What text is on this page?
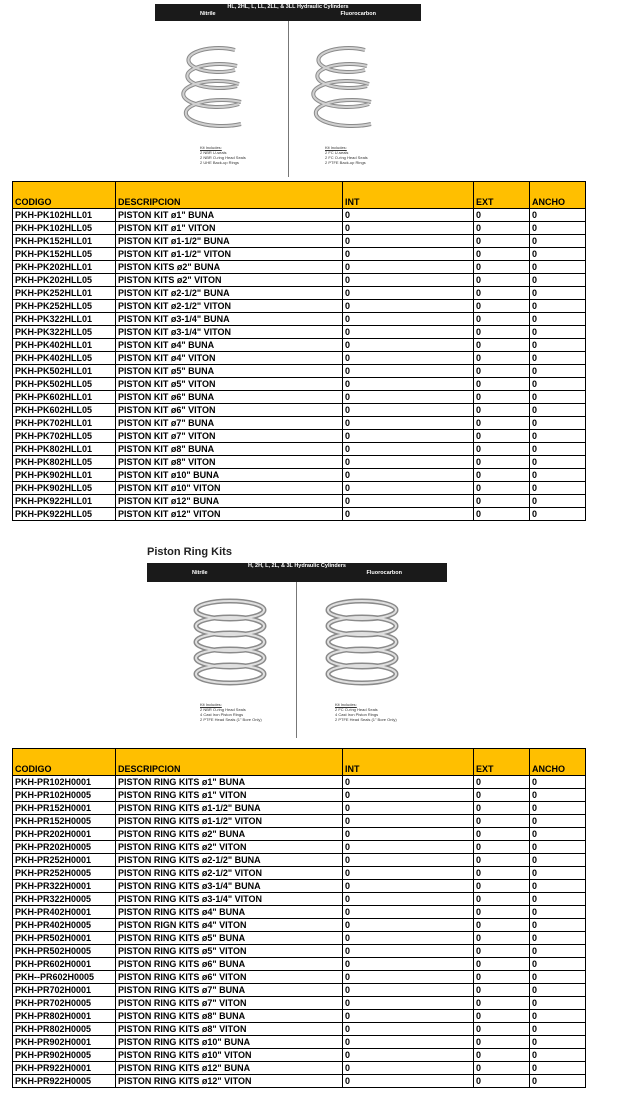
HL, 2HL, L, LL, 2LL, & 3LL Hydraulic Cylinders
Nitrile	Fluorocarbon
Kit Includes:
2 NBR U-seals
2 NBR O-ring Head Seals
2 UHE Back-up Rings
Kit Includes:
2 FC U-seals
2 FC O-ring Head Seals
2 PTFE Back-up Rings
CODIGO	DESCRIPCION	INT	EXT	ANCHO
PKH-PK102HLL01	PISTON KIT ø1" BUNA	0	0	0
PKH-PK102HLL05	PISTON KIT ø1" VITON	0	0	0
PKH-PK152HLL01	PISTON KIT ø1-1/2" BUNA	0	0	0
PKH-PK152HLL05	PISTON KIT ø1-1/2" VITON	0	0	0
PKH-PK202HLL01	PISTON KITS ø2" BUNA	0	0	0
PKH-PK202HLL05	PISTON KITS ø2" VITON	0	0	0
PKH-PK252HLL01	PISTON KIT ø2-1/2" BUNA	0	0	0
PKH-PK252HLL05	PISTON KIT ø2-1/2" VITON	0	0	0
PKH-PK322HLL01	PISTON KIT ø3-1/4" BUNA	0	0	0
PKH-PK322HLL05	PISTON KIT ø3-1/4" VITON	0	0	0
PKH-PK402HLL01	PISTON KIT ø4" BUNA	0	0	0
PKH-PK402HLL05	PISTON KIT ø4" VITON	0	0	0
PKH-PK502HLL01	PISTON KIT ø5" BUNA	0	0	0
PKH-PK502HLL05	PISTON KIT ø5" VITON	0	0	0
PKH-PK602HLL01	PISTON KIT ø6" BUNA	0	0	0
PKH-PK602HLL05	PISTON KIT ø6" VITON	0	0	0
PKH-PK702HLL01	PISTON KIT ø7" BUNA	0	0	0
PKH-PK702HLL05	PISTON KIT ø7" VITON	0	0	0
PKH-PK802HLL01	PISTON KIT ø8" BUNA	0	0	0
PKH-PK802HLL05	PISTON KIT ø8" VITON	0	0	0
PKH-PK902HLL01	PISTON KIT ø10" BUNA	0	0	0
PKH-PK902HLL05	PISTON KIT ø10" VITON	0	0	0
PKH-PK922HLL01	PISTON KIT ø12" BUNA	0	0	0
PKH-PK922HLL05	PISTON KIT ø12" VITON	0	0	0
Piston Ring Kits
H, 2H, L, 2L, & 3L Hydraulic Cylinders
Nitrile	Fluorocarbon
Kit Includes:
2 NBR O-ring Head Seals
4 Cast Iron Piston Rings
2 PTFE Head Seals (1" Bore Only)
Kit Includes:
2 FC O-ring Head Seals
4 Cast Iron Piston Rings
2 PTFE Head Seals (1" Bore Only)
CODIGO	DESCRIPCION	INT	EXT	ANCHO
PKH-PR102H0001	PISTON RING KITS ø1" BUNA	0	0	0
PKH-PR102H0005	PISTON RING KITS ø1" VITON	0	0	0
PKH-PR152H0001	PISTON RING KITS ø1-1/2" BUNA	0	0	0
PKH-PR152H0005	PISTON RING KITS ø1-1/2" VITON	0	0	0
PKH-PR202H0001	PISTON RING KITS ø2" BUNA	0	0	0
PKH-PR202H0005	PISTON RING KITS ø2" VITON	0	0	0
PKH-PR252H0001	PISTON RING KITS ø2-1/2" BUNA	0	0	0
PKH-PR252H0005	PISTON RING KITS ø2-1/2" VITON	0	0	0
PKH-PR322H0001	PISTON RING KITS ø3-1/4" BUNA	0	0	0
PKH-PR322H0005	PISTON RING KITS ø3-1/4" VITON	0	0	0
PKH-PR402H0001	PISTON RING KITS ø4" BUNA	0	0	0
PKH-PR402H0005	PISTON RIGN KITS ø4" VITON	0	0	0
PKH-PR502H0001	PISTON RING KITS ø5" BUNA	0	0	0
PKH-PR502H0005	PISTON RING KITS ø5" VITON	0	0	0
PKH-PR602H0001	PISTON RING KITS ø6" BUNA	0	0	0
PKH--PR602H0005	PISTON RING KITS ø6" VITON	0	0	0
PKH-PR702H0001	PISTON RING KITS ø7" BUNA	0	0	0
PKH-PR702H0005	PISTON RING KITS ø7" VITON	0	0	0
PKH-PR802H0001	PISTON RING KITS ø8" BUNA	0	0	0
PKH-PR802H0005	PISTON RING KITS ø8" VITON	0	0	0
PKH-PR902H0001	PISTON RING KITS ø10" BUNA	0	0	0
PKH-PR902H0005	PISTON RING KITS ø10" VITON	0	0	0
PKH-PR922H0001	PISTON RING KITS ø12" BUNA	0	0	0
PKH-PR922H0005	PISTON RING KITS ø12" VITON	0	0	0
